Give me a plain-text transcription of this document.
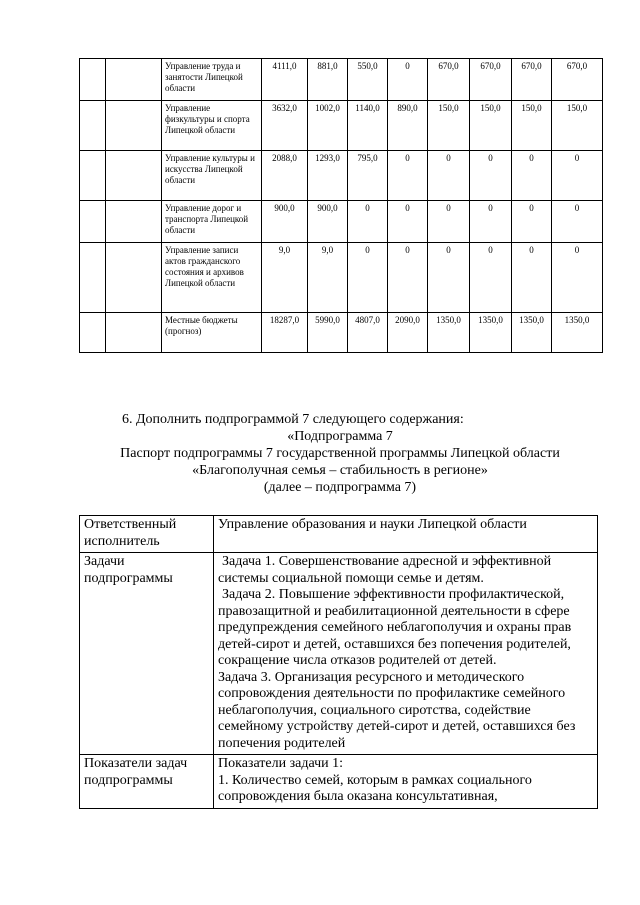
		Управление труда и занятости Липецкой области	4111,0	881,0	550,0	0	670,0	670,0	670,0	670,0
		Управление физкультуры и спорта Липецкой области	3632,0	1002,0	1140,0	890,0	150,0	150,0	150,0	150,0
		Управление культуры и искусства Липецкой области	2088,0	1293,0	795,0	0	0	0	0	0
		Управление дорог и транспорта Липецкой области	900,0	900,0	0	0	0	0	0	0
		Управление записи актов гражданского состояния и архивов Липецкой области	9,0	9,0	0	0	0	0	0	0
		Местные бюджеты (прогноз)	18287,0	5990,0	4807,0	2090,0	1350,0	1350,0	1350,0	1350,0
6. Дополнить подпрограммой 7 следующего содержания:
«Подпрограмма 7
Паспорт подпрограммы 7 государственной программы Липецкой области
«Благополучная семья – стабильность в регионе»
(далее – подпрограмма 7)
Ответственный исполнитель	Управление образования и науки Липецкой области
Задачи подпрограммы	Задача 1. Совершенствование адресной и эффективной системы социальной помощи семье и детям.

Задача 2. Повышение эффективности профилактической, правозащитной и реабилитационной деятельности в сфере предупреждения семейного неблагополучия и охраны прав детей-сирот и детей, оставшихся без попечения родителей, сокращение числа отказов родителей от детей.

Задача 3. Организация ресурсного и методического сопровождения деятельности по профилактике семейного неблагополучия, социального сиротства, содействие семейному устройству детей-сирот и детей, оставшихся без попечения родителей

Показатели задач подпрограммы	Показатели задачи 1:
1. Количество семей, которым в рамках социального сопровождения была оказана консультативная,
